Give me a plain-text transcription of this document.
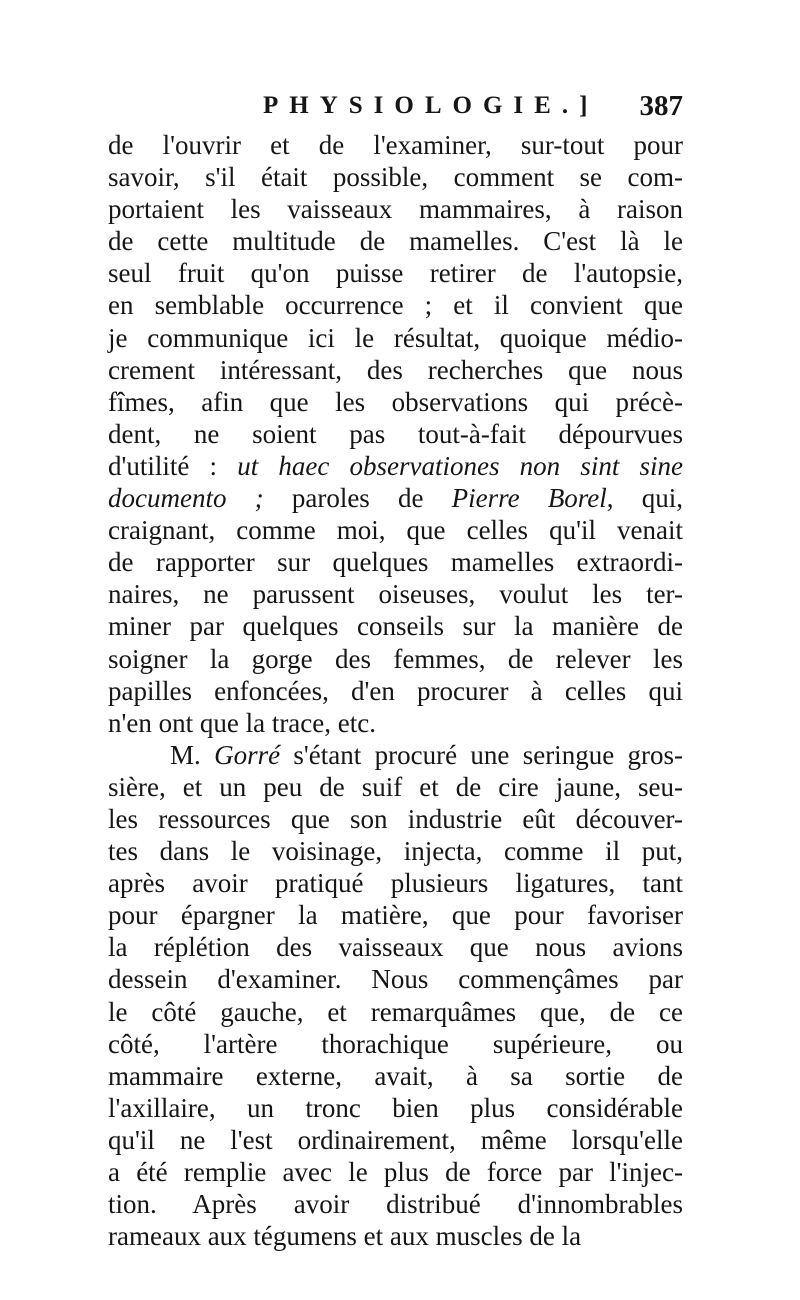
PHYSIOLOGIE.] 387
de l'ouvrir et de l'examiner, sur-tout pour
savoir, s'il était possible, comment se com-
portaient les vaisseaux mammaires, à raison
de cette multitude de mamelles. C'est là le
seul fruit qu'on puisse retirer de l'autopsie,
en semblable occurrence ; et il convient que
je communique ici le résultat, quoique médio-
crement intéressant, des recherches que nous
fîmes, afin que les observations qui précè-
dent, ne soient pas tout-à-fait dépourvues
d'utilité : ut haec observationes non sint sine
documento ; paroles de Pierre Borel, qui,
craignant, comme moi, que celles qu'il venait
de rapporter sur quelques mamelles extraordi-
naires, ne parussent oiseuses, voulut les ter-
miner par quelques conseils sur la manière de
soigner la gorge des femmes, de relever les
papilles enfoncées, d'en procurer à celles qui
n'en ont que la trace, etc.
M. Gorré s'étant procuré une seringue gros-
sière, et un peu de suif et de cire jaune, seu-
les ressources que son industrie eût découver-
tes dans le voisinage, injecta, comme il put,
après avoir pratiqué plusieurs ligatures, tant
pour épargner la matière, que pour favoriser
la réplétion des vaisseaux que nous avions
dessein d'examiner. Nous commençâmes par
le côté gauche, et remarquâmes que, de ce
côté, l'artère thorachique supérieure, ou
mammaire externe, avait, à sa sortie de
l'axillaire, un tronc bien plus considérable
qu'il ne l'est ordinairement, même lorsqu'elle
a été remplie avec le plus de force par l'injec-
tion. Après avoir distribué d'innombrables
rameaux aux tégumens et aux muscles de la
